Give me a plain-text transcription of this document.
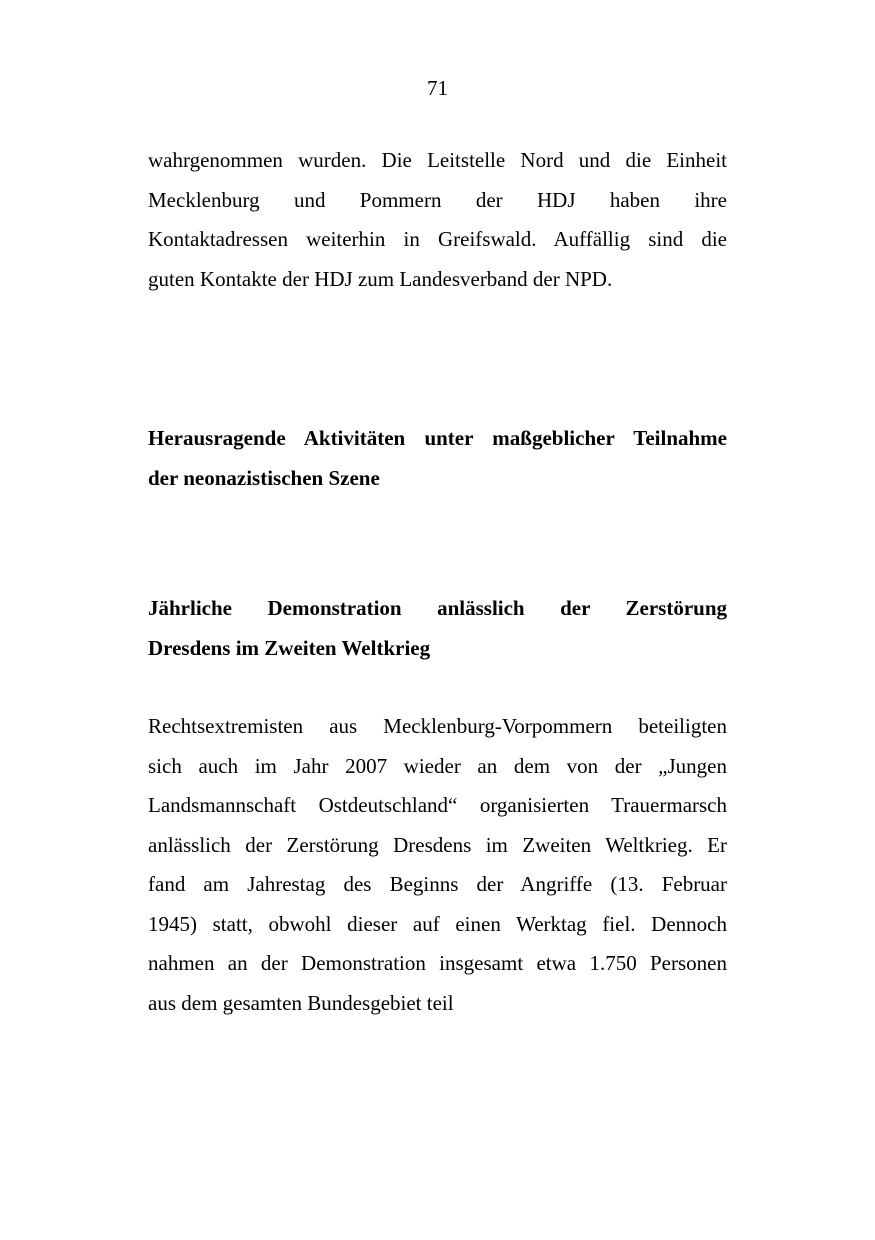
71
wahrgenommen wurden. Die Leitstelle Nord und die Einheit
Mecklenburg und Pommern der HDJ haben ihre
Kontaktadressen weiterhin in Greifswald. Auffällig sind die
guten Kontakte der HDJ zum Landesverband der NPD.
Herausragende Aktivitäten unter maßgeblicher Teilnahme
der neonazistischen Szene
Jährliche Demonstration anlässlich der Zerstörung
Dresdens im Zweiten Weltkrieg
Rechtsextremisten aus Mecklenburg-Vorpommern beteiligten
sich auch im Jahr 2007 wieder an dem von der „Jungen
Landsmannschaft Ostdeutschland“ organisierten Trauermarsch
anlässlich der Zerstörung Dresdens im Zweiten Weltkrieg. Er
fand am Jahrestag des Beginns der Angriffe (13. Februar
1945) statt, obwohl dieser auf einen Werktag fiel. Dennoch
nahmen an der Demonstration insgesamt etwa 1.750 Personen
aus dem gesamten Bundesgebiet teil
